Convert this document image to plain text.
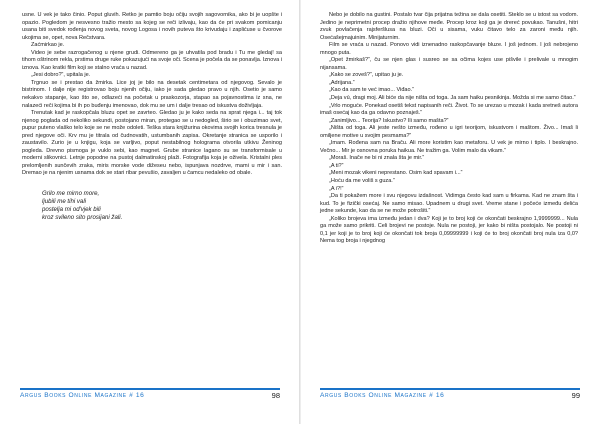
usne. U vek je tako činio. Poput gluvih. Retko je pamtio boju očiju svojih sagovornika, ako bi je uopšte i opazio. Pogledom je nesvesno tražio mesto sa kojeg se reči izlivaju, kao da će pri svakom pomicanju usana biti svedok rođenja novog sveta, novog Logosa i novih puteva što krivudaju i zaplićuse u čvorove ukojima se, opet, nova Rečstvara.

Zaćmirkao je.

Video je sebe razrogačenog u njene grudi. Odmereno ga je uhvatila pod bradu i Tu me gledaj! sa tihom oštrinom rekla, prstima druge ruke pokazujući na svoje oči. Scena je počela da se ponavlja. Iznova i iznova. Kao kratki film koji se stalno vraća u nazad.

„Jesi dobro?“, upitala je.

Trgnuo se i prestao da žmirka. Lice joj je bilo na desetak centimetara od njegovog. Sevalo je bistrinom. I dalje nije registrovao boju njenih očiju, iako je sada gledao pravo u njih. Osetio je samo nekakvo stapanje, kao što se, odlazeći na početak u praskozorja, stapao sa pojavnostima iz sna, ne nalazeći reči kojima bi ih po buđenju imenovao, dok mu se um i dalje tresao od iskustva doživljaja.

Trenutak kad je raskopčala bluzu opet se zavrteo. Gledao ju je kako seda na sprat njega i... taj tok njenog poglada od nekoliko sekundi, postojano miran, protegao se u nedogled, širio se i obuzimao svet, pupur puteno vlaško telo koje se ne može odoleti. Teška stara knjižurina okovima svojih korica tresnula je pred njegove oči. Krv mu je titrala od čudnovatih, ustumbanih zapisa. Okretanje stranica se usporilo i zaustavilo. Zurio je u knjigu, koja se varljivo, poput nestabilnog holograma otvorila utkivu Ženinog pogleda. Drevno pismoga je vuklo sebi, kao magnet. Grube stranice lagano su se transformisale u moderni slikovnici. Letnje popodne na pustoj dalmatinskoj plaži. Fotografija koja je oživela. Kristalni ples prelomljenih sunčevih zraka, miris morske vode dižeseu nebo, ispunjava nozdrve, mami u mir i san. Dremao je na njenim usnama dok se stari ribar pevušio, zavaljen u čamcu nedaleko od obale.

Grilo me mirno more,
ljubili me tihi vali
postelja mi od'vjek bili
kroz svileno sito prosijani žali.
Argus Books Online Magazine # 16	98

Nebo je dobilo na gustini. Postalo tvar čija prijatna težina se dala osetiti. Steklo se u istost sa vodom. Jedino je neprimetni procep dražio njihove međe. Procep kroz koji ga je drereć povukao. Tanušni, hitri zvuk povlačenja rajsferšlusa na bluzi. Oči u sisama, vuku čitavo telo za zaroni među njih. Osećašejmajuinim. Minijaturnim.

Film se vraća u nazad. Ponovo vidi iznenadno raskopčavanje bluze. I još jednom. I još nebrojeno mnogo puta.

„Opet žmirkaš?“, ču se njen glas i susreo se sa očima kojes use pišvile i prelivale u mnogim nijansama.

„Kako se zoveš?“, upitao ju je.

„Adrijana.“

„Kao da sam te već imao... Viđao.“

„Deja vú, dragi moj. Ali biće da nije ništa od toga. Ja sam haiku pesnikinja. Možda si me samo čitao.“

„Vrlo moguće. Ponekad osetiš tekst napisanih reči. Život. To se urezao u mozak i kada sretneš autora imaš osećaj kao da ga odavno poznaješ.“

„Zanimljivo... Teorija? Iskustvo? Ili samo mašta?“

„Ništa od toga. Ali jeste nešto između, rođeno u igri teorijom, iskustvom i maštom. Živo... Imaš li omiljene motive u svojim pesmama?“

„Imam. Rođena sam na Braču. Ali more koristim kao metaforu. U vek je mirno i tiplo. I beskrajno. Večno... Mir je osnovna poruka haikua. Ne tražim ga. Volim malo da vikam.“

„Moraš. Inače ne bi ni znala šta je mir.“

„A ti?“

„Meni mozak vikeni neprestano. Osim kad spavam i...“

„Hoću da me voliš s guza.“

„A i?!“

„Da ti pokažem more i svu njegovu izdašnost. Vidimga često kad sam u firkama. Kad ne znam šta i kud. To je fizički osećaj. Ne samo misao. Upadnem u drugi svet. Vreme stane i počeće između delića jedne sekunde, kao da se ne može potrošiti.“

„Koliko brojeva ima između jedan i dva? Koji je to broj koji će okončati beskrajno 1,9999999... Nula ga može samo prikriti. Celi brojevi ne postoje. Nula ne postoji, jer kako bi ništa postojalo. Ne postoji ni 0,1 jer koji je to broj koji će okončati tok broja 0,09999999 i koji će to broj okončati broj nula iza 0,0? Nema tog broja i njegdnog

Argus Books Online Magazine # 16	99
